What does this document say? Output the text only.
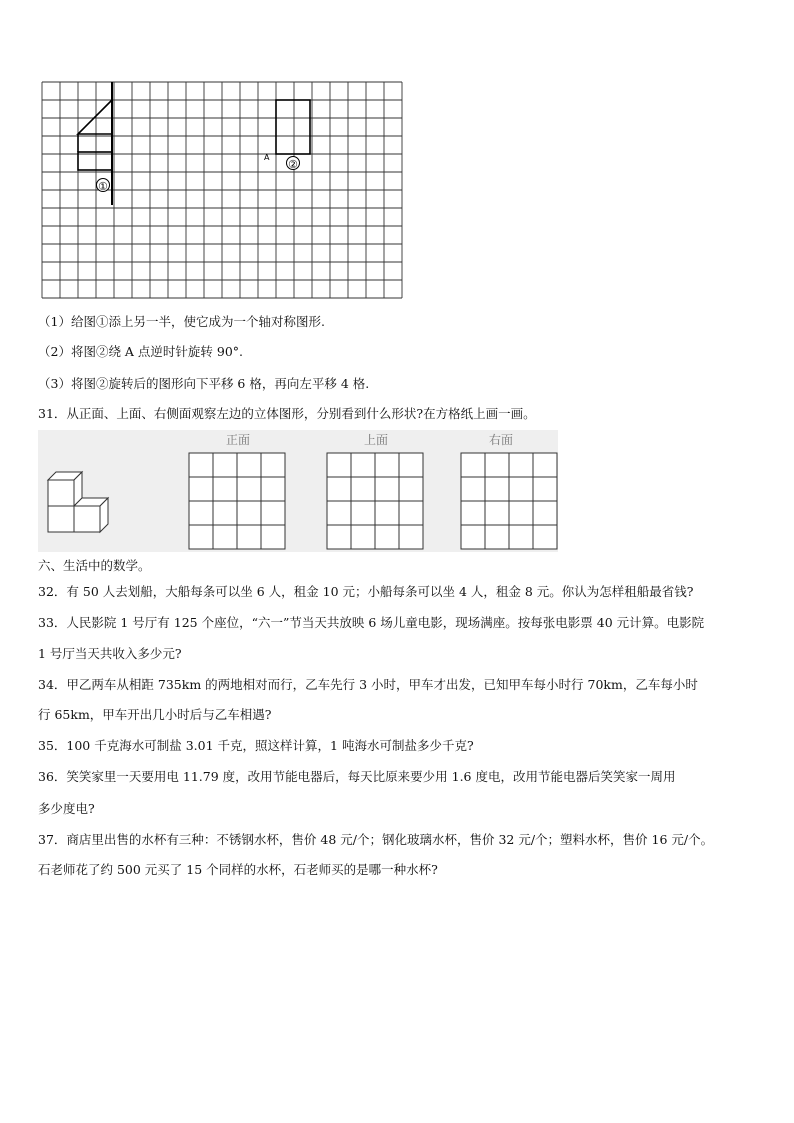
①
A
②
（1）给图①添上另一半，使它成为一个轴对称图形.
（2）将图②绕 A 点逆时针旋转 90°.
（3）将图②旋转后的图形向下平移 6 格，再向左平移 4 格.
31．从正面、上面、右侧面观察左边的立体图形，分别看到什么形状?在方格纸上画一画。
正面	上面	右面
六、生活中的数学。
32．有 50 人去划船，大船每条可以坐 6 人，租金 10 元；小船每条可以坐 4 人，租金 8 元。你认为怎样租船最省钱?
33．人民影院 1 号厅有 125 个座位，“六一”节当天共放映 6 场儿童电影，现场满座。按每张电影票 40 元计算。电影院
1 号厅当天共收入多少元?
34．甲乙两车从相距 735km 的两地相对而行，乙车先行 3 小时，甲车才出发，已知甲车每小时行 70km，乙车每小时
行 65km，甲车开出几小时后与乙车相遇?
35．100 千克海水可制盐 3.01 千克，照这样计算，1 吨海水可制盐多少千克?
36．笑笑家里一天要用电 11.79 度，改用节能电器后，每天比原来要少用 1.6 度电，改用节能电器后笑笑家一周用
多少度电?
37．商店里出售的水杯有三种：不锈钢水杯，售价 48 元/个；钢化玻璃水杯，售价 32 元/个；塑料水杯，售价 16 元/个。
石老师花了约 500 元买了 15 个同样的水杯，石老师买的是哪一种水杯?
